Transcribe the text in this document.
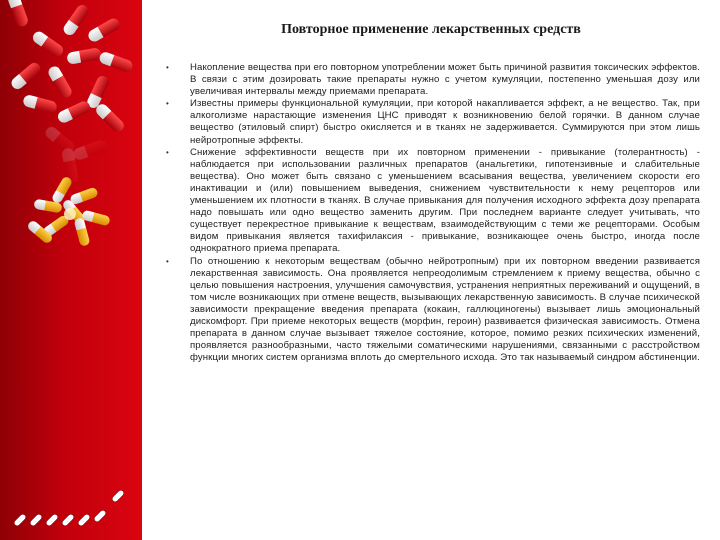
Повторное применение лекарственных средств
• Накопление вещества при его повторном употреблении может быть причиной развития токсических эффектов. В связи с этим дозировать такие препараты нужно с учетом кумуляции, постепенно уменьшая дозу или увеличивая интервалы между приемами препарата.
• Известны примеры функциональной кумуляции, при которой накапливается эффект, а не вещество. Так, при алкоголизме нарастающие изменения ЦНС приводят к возникновению белой горячки. В данном случае вещество (этиловый спирт) быстро окисляется и в тканях не задерживается. Суммируются при этом лишь нейротропные эффекты.
• Снижение эффективности веществ при их повторном применении - привыкание (толерантность) - наблюдается при использовании различных препаратов (анальгетики, гипотензивные и слабительные вещества). Оно может быть связано с уменьшением всасывания вещества, увеличением скорости его инактивации и (или) повышением выведения, снижением чувствительности к нему рецепторов или уменьшением их плотности в тканях. В случае привыкания для получения исходного эффекта дозу препарата надо повышать или одно вещество заменить другим. При последнем варианте следует учитывать, что существует перекрестное привыкание к веществам, взаимодействующим с теми же рецепторами. Особым видом привыкания является тахифилаксия - привыкание, возникающее очень быстро, иногда после однократного приема препарата.
• По отношению к некоторым веществам (обычно нейротропным) при их повторном введении развивается лекарственная зависимость. Она проявляется непреодолимым стремлением к приему вещества, обычно с целью повышения настроения, улучшения самочувствия, устранения неприятных переживаний и ощущений, в том числе возникающих при отмене веществ, вызывающих лекарственную зависимость. В случае психической зависимости прекращение введения препарата (кокаин, галлюциногены) вызывает лишь эмоциональный дискомфорт. При приеме некоторых веществ (морфин, героин) развивается физическая зависимость. Отмена препарата в данном случае вызывает тяжелое состояние, которое, помимо резких психических изменений, проявляется разнообразными, часто тяжелыми соматическими нарушениями, связанными с расстройством функции многих систем организма вплоть до смертельного исхода. Это так называемый синдром абстиненции.
